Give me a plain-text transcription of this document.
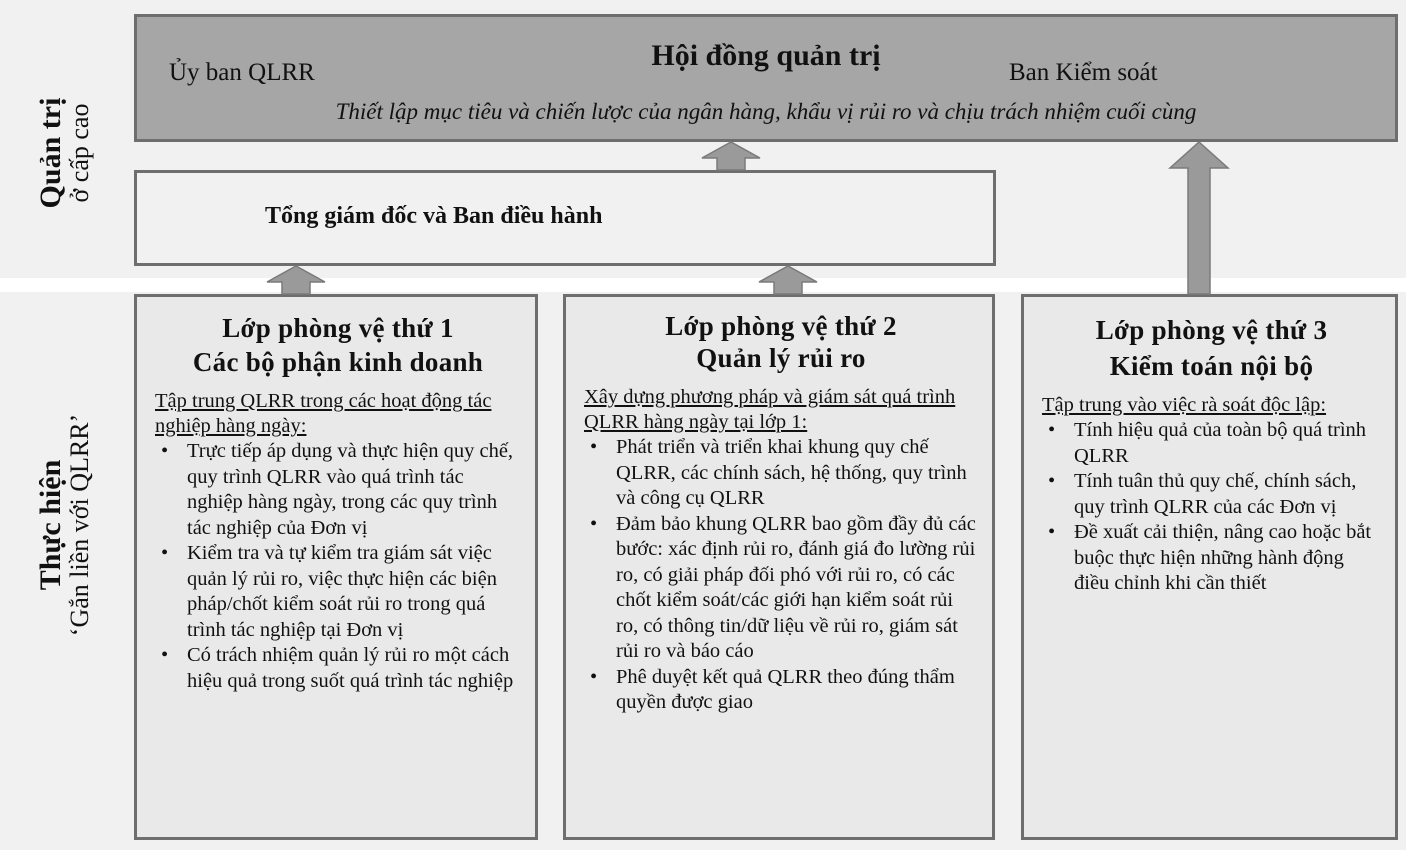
Quản trị
ở cấp cao
Thực hiện
‘Gắn liền với QLRR’
Hội đồng quản trị
Ủy ban QLRR	Ban Kiểm soát
Thiết lập mục tiêu và chiến lược của ngân hàng, khẩu vị rủi ro và chịu trách nhiệm cuối cùng
Tổng giám đốc và Ban điều hành
Lớp phòng vệ thứ 1
Các bộ phận kinh doanh
Tập trung QLRR trong các hoạt động tác nghiệp hàng ngày:
• Trực tiếp áp dụng và thực hiện quy chế, quy trình QLRR vào quá trình tác nghiệp hàng ngày, trong các quy trình tác nghiệp của Đơn vị
• Kiểm tra và tự kiểm tra giám sát việc quản lý rủi ro, việc thực hiện các biện pháp/chốt kiểm soát rủi ro trong quá trình tác nghiệp tại Đơn vị
• Có trách nhiệm quản lý rủi ro một cách hiệu quả trong suốt quá trình tác nghiệp
Lớp phòng vệ thứ 2
Quản lý rủi ro
Xây dựng phương pháp và giám sát quá trình QLRR hàng ngày tại lớp 1:
• Phát triển và triển khai khung quy chế QLRR, các chính sách, hệ thống, quy trình và công cụ QLRR
• Đảm bảo khung QLRR bao gồm đầy đủ các bước: xác định rủi ro, đánh giá đo lường rủi ro, có giải pháp đối phó với rủi ro, có các chốt kiểm soát/các giới hạn kiểm soát rủi ro, có thông tin/dữ liệu về rủi ro, giám sát rủi ro và báo cáo
• Phê duyệt kết quả QLRR theo đúng thẩm quyền được giao
Lớp phòng vệ thứ 3
Kiểm toán nội bộ
Tập trung vào việc rà soát độc lập:
• Tính hiệu quả của toàn bộ quá trình QLRR
• Tính tuân thủ quy chế, chính sách, quy trình QLRR của các Đơn vị
• Đề xuất cải thiện, nâng cao hoặc bắt buộc thực hiện những hành động điều chỉnh khi cần thiết
